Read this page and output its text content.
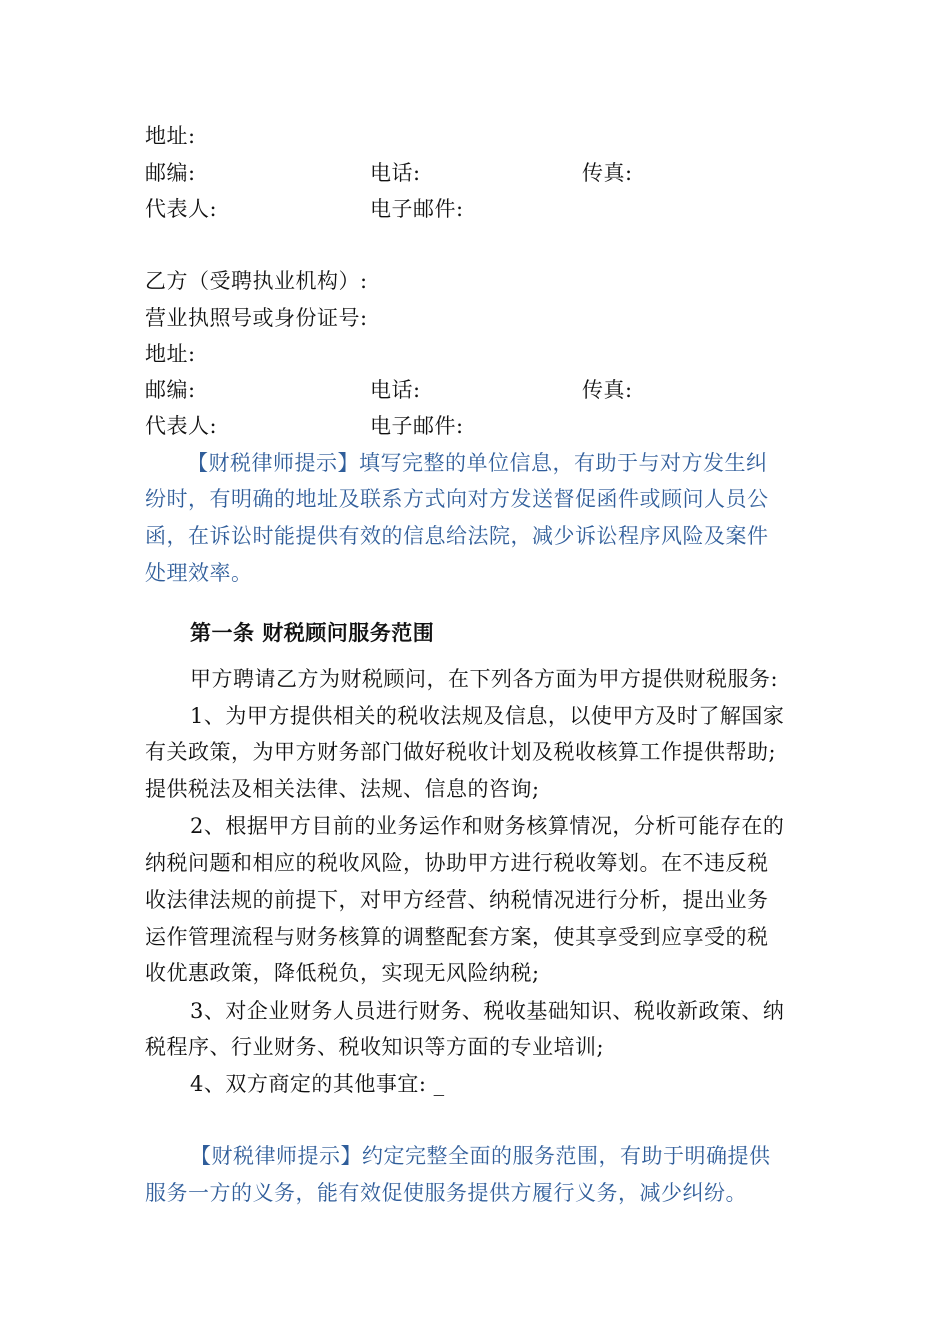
地址:
邮编:	电话:	传真:
代表人:	电子邮件:
乙方（受聘执业机构）:
营业执照号或身份证号:
地址:
邮编:	电话:	传真:
代表人:	电子邮件:
【财税律师提示】填写完整的单位信息，有助于与对方发生纠
纷时，有明确的地址及联系方式向对方发送督促函件或顾问人员公
函，在诉讼时能提供有效的信息给法院，减少诉讼程序风险及案件
处理效率。
第一条 财税顾问服务范围
甲方聘请乙方为财税顾问，在下列各方面为甲方提供财税服务:
1、为甲方提供相关的税收法规及信息，以使甲方及时了解国家
有关政策，为甲方财务部门做好税收计划及税收核算工作提供帮助;
提供税法及相关法律、法规、信息的咨询;
2、根据甲方目前的业务运作和财务核算情况，分析可能存在的
纳税问题和相应的税收风险，协助甲方进行税收筹划。在不违反税
收法律法规的前提下，对甲方经营、纳税情况进行分析，提出业务
运作管理流程与财务核算的调整配套方案，使其享受到应享受的税
收优惠政策，降低税负，实现无风险纳税;
3、对企业财务人员进行财务、税收基础知识、税收新政策、纳
税程序、行业财务、税收知识等方面的专业培训;
4、双方商定的其他事宜: _
【财税律师提示】约定完整全面的服务范围，有助于明确提供
服务一方的义务，能有效促使服务提供方履行义务，减少纠纷。
